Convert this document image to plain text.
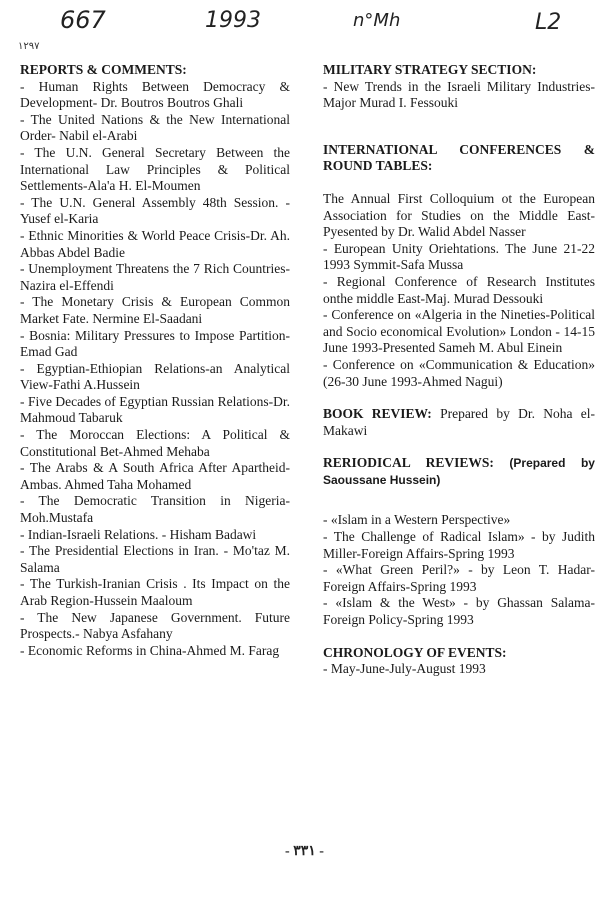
667	1993	n°Mh	L2
١٢٩٧

REPORTS & COMMENTS:

- Human Rights Between Democracy & Development- Dr. Boutros Boutros Ghali

- The United Nations & the New International Order- Nabil el-Arabi

- The U.N. General Secretary Between the International Law Principles & Political Settlements-Ala'a H. El-Moumen

- The U.N. General Assembly 48th Session. - Yusef el-Karia

- Ethnic Minorities & World Peace Crisis-Dr. Ah. Abbas Abdel Badie

- Unemployment Threatens the 7 Rich Countries-Nazira el-Effendi

- The Monetary Crisis & European Common Market Fate. Nermine El-Saadani

- Bosnia: Military Pressures to Impose Partition-Emad Gad

- Egyptian-Ethiopian Relations-an Analytical View-Fathi A.Hussein

- Five Decades of Egyptian Russian Relations-Dr. Mahmoud Tabaruk

- The Moroccan Elections: A Political & Constitutional Bet-Ahmed Mehaba

- The Arabs & A South Africa After Apartheid-Ambas. Ahmed Taha Mohamed

- The Democratic Transition in Nigeria-Moh.Mustafa

- Indian-Israeli Relations. - Hisham Badawi

- The Presidential Elections in Iran. - Mo'taz M. Salama

- The Turkish-Iranian Crisis . Its Impact on the Arab Region-Hussein Maaloum

- The New Japanese Government. Future Prospects.- Nabya Asfahany

- Economic Reforms in China-Ahmed M. Farag

MILITARY STRATEGY SECTION:

- New Trends in the Israeli Military Industries-Major Murad I. Fessouki

INTERNATIONAL CONFERENCES & ROUND TABLES:

The Annual First Colloquium ot the European Association for Studies on the Middle East-Pyesented by Dr. Walid Abdel Nasser

- European Unity Oriehtations. The June 21-22 1993 Symmit-Safa Mussa

- Regional Conference of Research Institutes onthe middle East-Maj. Murad Dessouki

- Conference on «Algeria in the Nineties-Political and Socio economical Evolution» London - 14-15 June 1993-Presented Sameh M. Abul Einein

- Conference on «Communication & Education» (26-30 June 1993-Ahmed Nagui)

BOOK REVIEW: Prepared by Dr. Noha el-Makawi

RERIODICAL REVIEWS: (Prepared by Saoussane Hussein)

- «Islam in a Western Perspective»

- The Challenge of Radical Islam» - by Judith Miller-Foreign Affairs-Spring 1993

- «What Green Peril?» - by Leon T. Hadar-Foreign Affairs-Spring 1993

- «Islam & the West» - by Ghassan Salama-Foreign Policy-Spring 1993

CHRONOLOGY OF EVENTS:

- May-June-July-August 1993

- ٣٣١ -
